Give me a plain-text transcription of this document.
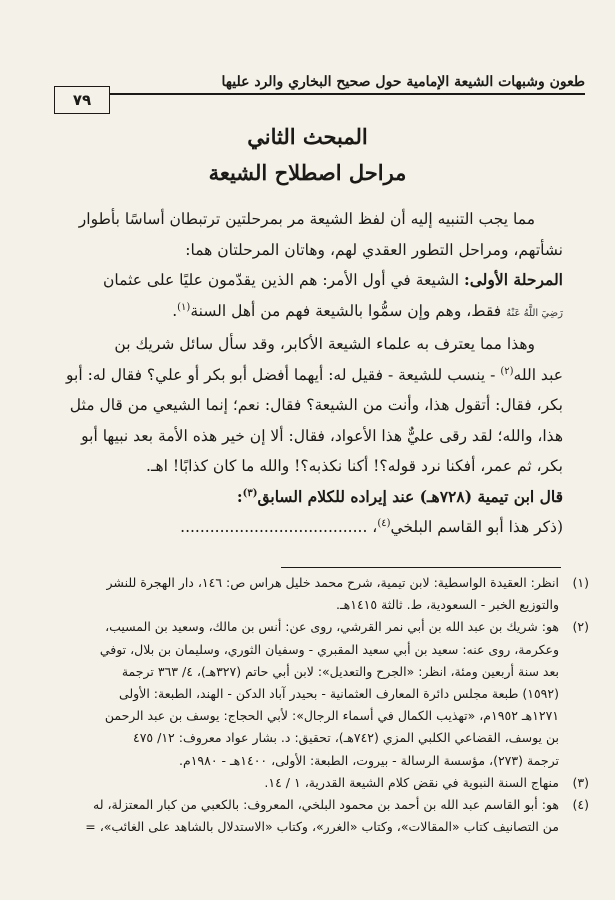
طعون وشبهات الشيعة الإمامية حول صحيح البخاري والرد عليها
٧٩
المبحث الثاني
مراحل اصطلاح الشيعة

مما يجب التنبيه إليه أن لفظ الشيعة مر بمرحلتين ترتبطان أساسًا بأطوار

نشأتهم، ومراحل التطور العقدي لهم، وهاتان المرحلتان هما:

المرحلة الأولى: الشيعة في أول الأمر: هم الذين يقدّمون عليًا على عثمان

رَضِيَ اللَّهُ عَنْهُ فقط، وهم وإن سمُّوا بالشيعة فهم من أهل السنة$^{(١)}$.

وهذا مما يعترف به علماء الشيعة الأكابر، وقد سأل سائل شريك بن

عبد الله$^{(٢)}$ - ينسب للشيعة - فقيل له: أيهما أفضل أبو بكر أو علي؟ فقال له: أبو

بكر، فقال: أتقول هذا، وأنت من الشيعة؟ فقال: نعم؛ إنما الشيعي من قال مثل

هذا، والله؛ لقد رقى عليٌّ هذا الأعواد، فقال: ألا إن خير هذه الأمة بعد نبيها أبو

بكر، ثم عمر، أفكنا نرد قوله؟! أكنا نكذبه؟! والله ما كان كذابًا! اهـ.

قال ابن تيمية (٧٢٨هـ) عند إيراده للكلام السابق$^{(٣)}$:

(ذكر هذا أبو القاسم البلخي$^{(٤)}$، ......................................

(١)
انظر: العقيدة الواسطية: لابن تيمية، شرح محمد خليل هراس ص: ١٤٦، دار الهجرة للنشر
والتوزيع الخبر - السعودية، ط. ثالثة ١٤١٥هـ.
(٢)
هو: شريك بن عبد الله بن أبي نمر القرشي، روى عن: أنس بن مالك، وسعيد بن المسيب،
وعكرمة، روى عنه: سعيد بن أبي سعيد المقبري - وسفيان الثوري، وسليمان بن بلال، توفي
بعد سنة أربعين ومئة، انظر: «الجرح والتعديل»: لابن أبي حاتم (٣٢٧هـ)، ٤/ ٣٦٣ ترجمة
(١٥٩٢) طبعة مجلس دائرة المعارف العثمانية - بحيدر آباد الدكن - الهند، الطبعة: الأولى
١٢٧١هـ ١٩٥٢م، «تهذيب الكمال في أسماء الرجال»: لأبي الحجاج: يوسف بن عبد الرحمن
بن يوسف، القضاعي الكلبي المزي (٧٤٢هـ)، تحقيق: د. بشار عواد معروف: ١٢/ ٤٧٥
ترجمة (٢٧٣)، مؤسسة الرسالة - بيروت، الطبعة: الأولى، ١٤٠٠هـ - ١٩٨٠م.
(٣)
منهاج السنة النبوية في نقض كلام الشيعة القدرية، ١ / ١٤.
(٤)
هو: أبو القاسم عبد الله بن أحمد بن محمود البلخي، المعروف: بالكعبي من كبار المعتزلة، له
من التصانيف كتاب «المقالات»، وكتاب «الغرر»، وكتاب «الاستدلال بالشاهد على الغائب»، =
